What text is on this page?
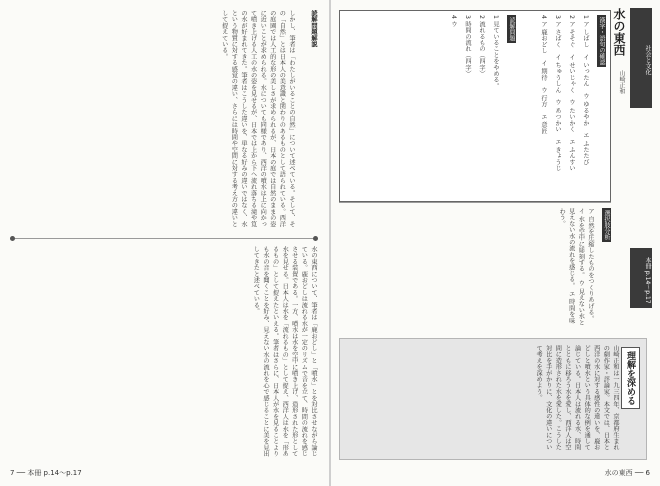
読解問題解説
しかし、筆者は「わたしがいることの自然」について述べている。そして、その「自然」とは日本人の美意識と関わりのあるものとして語られている。西洋の庭園では人工的な形の美しさが求められるが、日本の庭では自然のままの姿に近いことが求められる。水についても同様であり、西洋の噴水は上に向かって噴き上げる人工の水の姿を見せるが、日本では上から下へ流れ落ちる滝や筧の水が好まれてきた。筆者はこうした違いを、単なる好みの違いではなく、水という物質に対する感覚の違い、さらには時間や空間に対する考え方の違いとして捉えている。
水の東西について、筆者は「鹿おどし」と「噴水」とを対比させながら論じている。鹿おどしは流れる水が一定のリズムで音を立て、時間の流れを感じさせる装置である。一方、噴水は水を空中に噴き上げ、造形された形として水を見せる。日本人は水を「流れるもの」として捉え、西洋人は水を「形あるもの」として捉えたといえる。筆者はさらに、日本人が水を見ることよりも水の音を聞くことを好み、見えない水の流れを心で感じることに美を見出してきたと述べている。
7 ── 本冊 p.14〜p.17
社会と文化
水の東西
山崎正和
本冊 p.14〜p.17
漢字・語句の確認
1 ア しばし　イ いったん　ウ ゆるやか　エ ふたたび
2 ア そそぐ　イ せいじゃく　ウ たいかく　エ ふんすい
3 ア さばく　イ ちゅうしん　ウ あつかい　エ きょうじ
4 ア 鹿おどし　イ 期待　ウ 行方　エ 意匠
読解問題
1 見ていることをやめる。
2 流れるもの（四字）
3 時間の流れ（四字）
4 ウ
選択肢分析
ア 自然を圧縮したものをつくりあげる。 イ 水を空中に彫刻する。 ウ 見えない水と見えない水の流れを感じる。 エ 時間を味わう。
理解を深める
山崎正和は一九三四年、京都府生まれの劇作家・評論家。本文では、日本と西洋の水に対する感性の違いを、鹿おどしと噴水という具体的な例を通して論じている。日本人は流れる水、時間とともに移ろう水を愛し、西洋人は空間に造形された水を愛した。こうした対比を手がかりに、文化の違いについて考えを深めよう。
水の東西 ── 6
